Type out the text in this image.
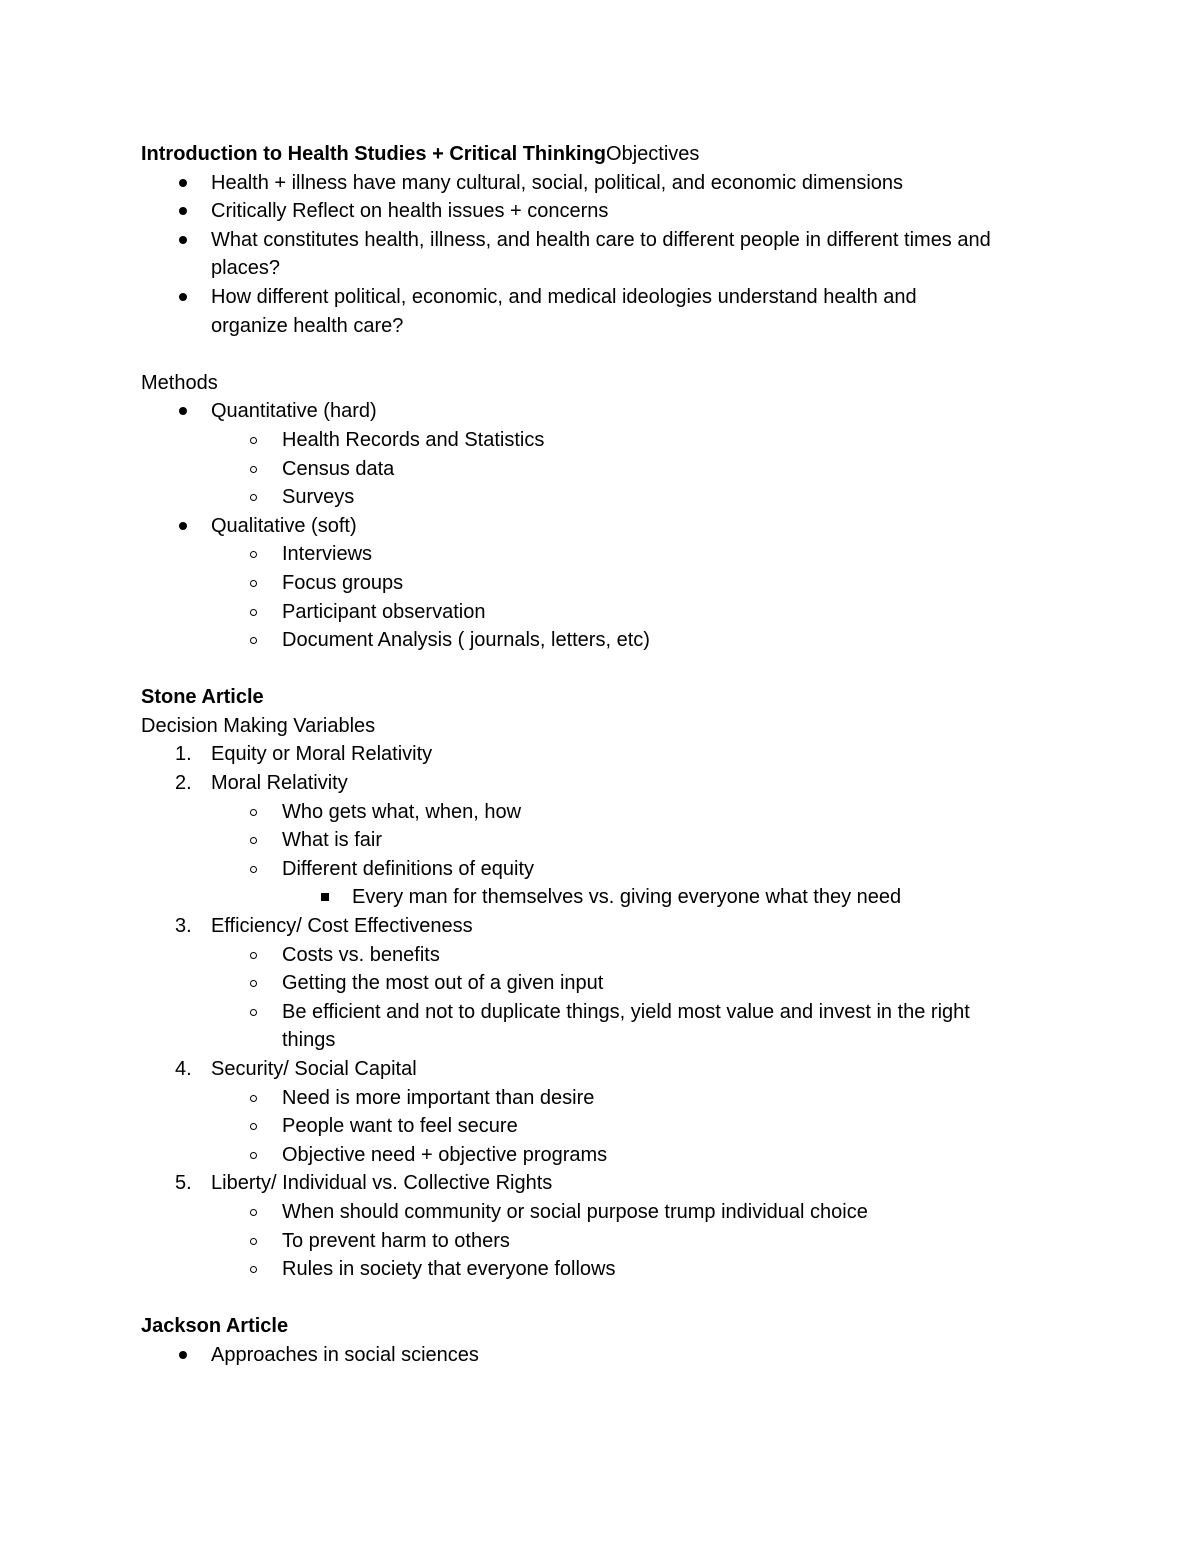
Introduction to Health Studies + Critical ThinkingObjectives
Health + illness have many cultural, social, political, and economic dimensions
Critically Reflect on health issues + concerns
What constitutes health, illness, and health care to different people in different times and
places?
How different political, economic, and medical ideologies understand health and
organize health care?
Methods
Quantitative (hard)
Health Records and Statistics
Census data
Surveys
Qualitative (soft)
Interviews
Focus groups
Participant observation
Document Analysis ( journals, letters, etc)
Stone Article
Decision Making Variables
1. Equity or Moral Relativity
2. Moral Relativity
Who gets what, when, how
What is fair
Different definitions of equity
Every man for themselves vs. giving everyone what they need
3. Efficiency/ Cost Effectiveness
Costs vs. benefits
Getting the most out of a given input
Be efficient and not to duplicate things, yield most value and invest in the right
things
4. Security/ Social Capital
Need is more important than desire
People want to feel secure
Objective need + objective programs
5. Liberty/ Individual vs. Collective Rights
When should community or social purpose trump individual choice
To prevent harm to others
Rules in society that everyone follows
Jackson Article
Approaches in social sciences
